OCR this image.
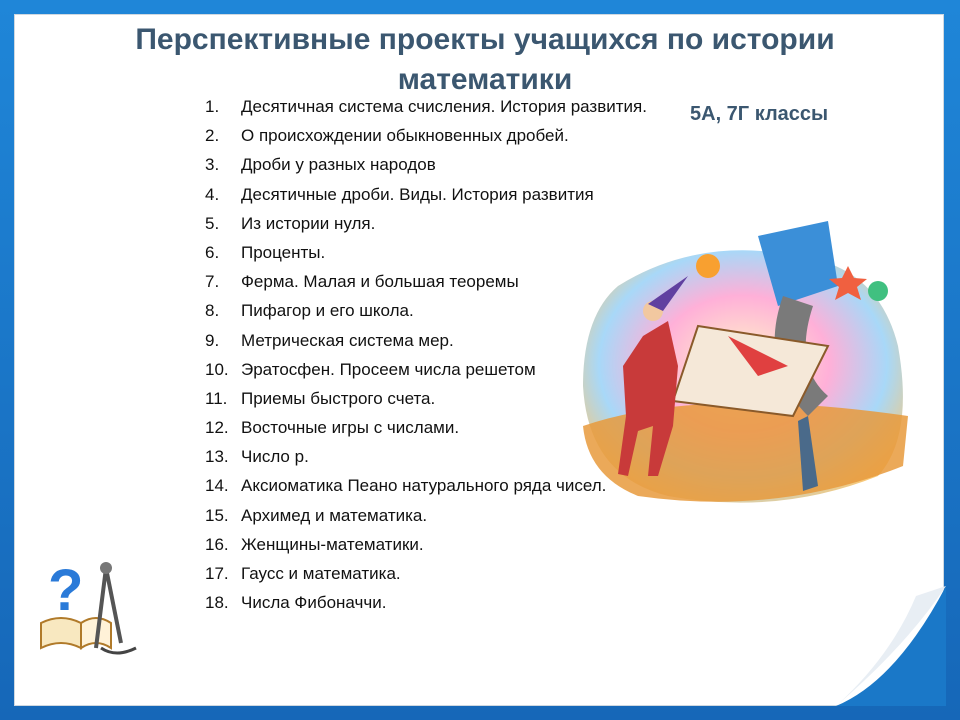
Перспективные проекты учащихся по истории
математики
5А, 7Г классы
1.	Десятичная система счисления. История развития.
2.	О происхождении обыкновенных дробей.
3.	Дроби у разных народов
4.	Десятичные дроби. Виды. История развития
5.	Из истории нуля.
6.	Проценты.
7.	Ферма. Малая и большая теоремы
8.	Пифагор и его школа.
9.	Метрическая система мер.
10. Эратосфен. Просеем числа решетом
11. Приемы быстрого счета.
12. Восточные игры с числами.
13. Число р.
14. Аксиоматика Пеано натурального ряда чисел.
15. Архимед и математика.
16. Женщины-математики.
17. Гаусс и математика.
18. Числа Фибоначчи.
?
